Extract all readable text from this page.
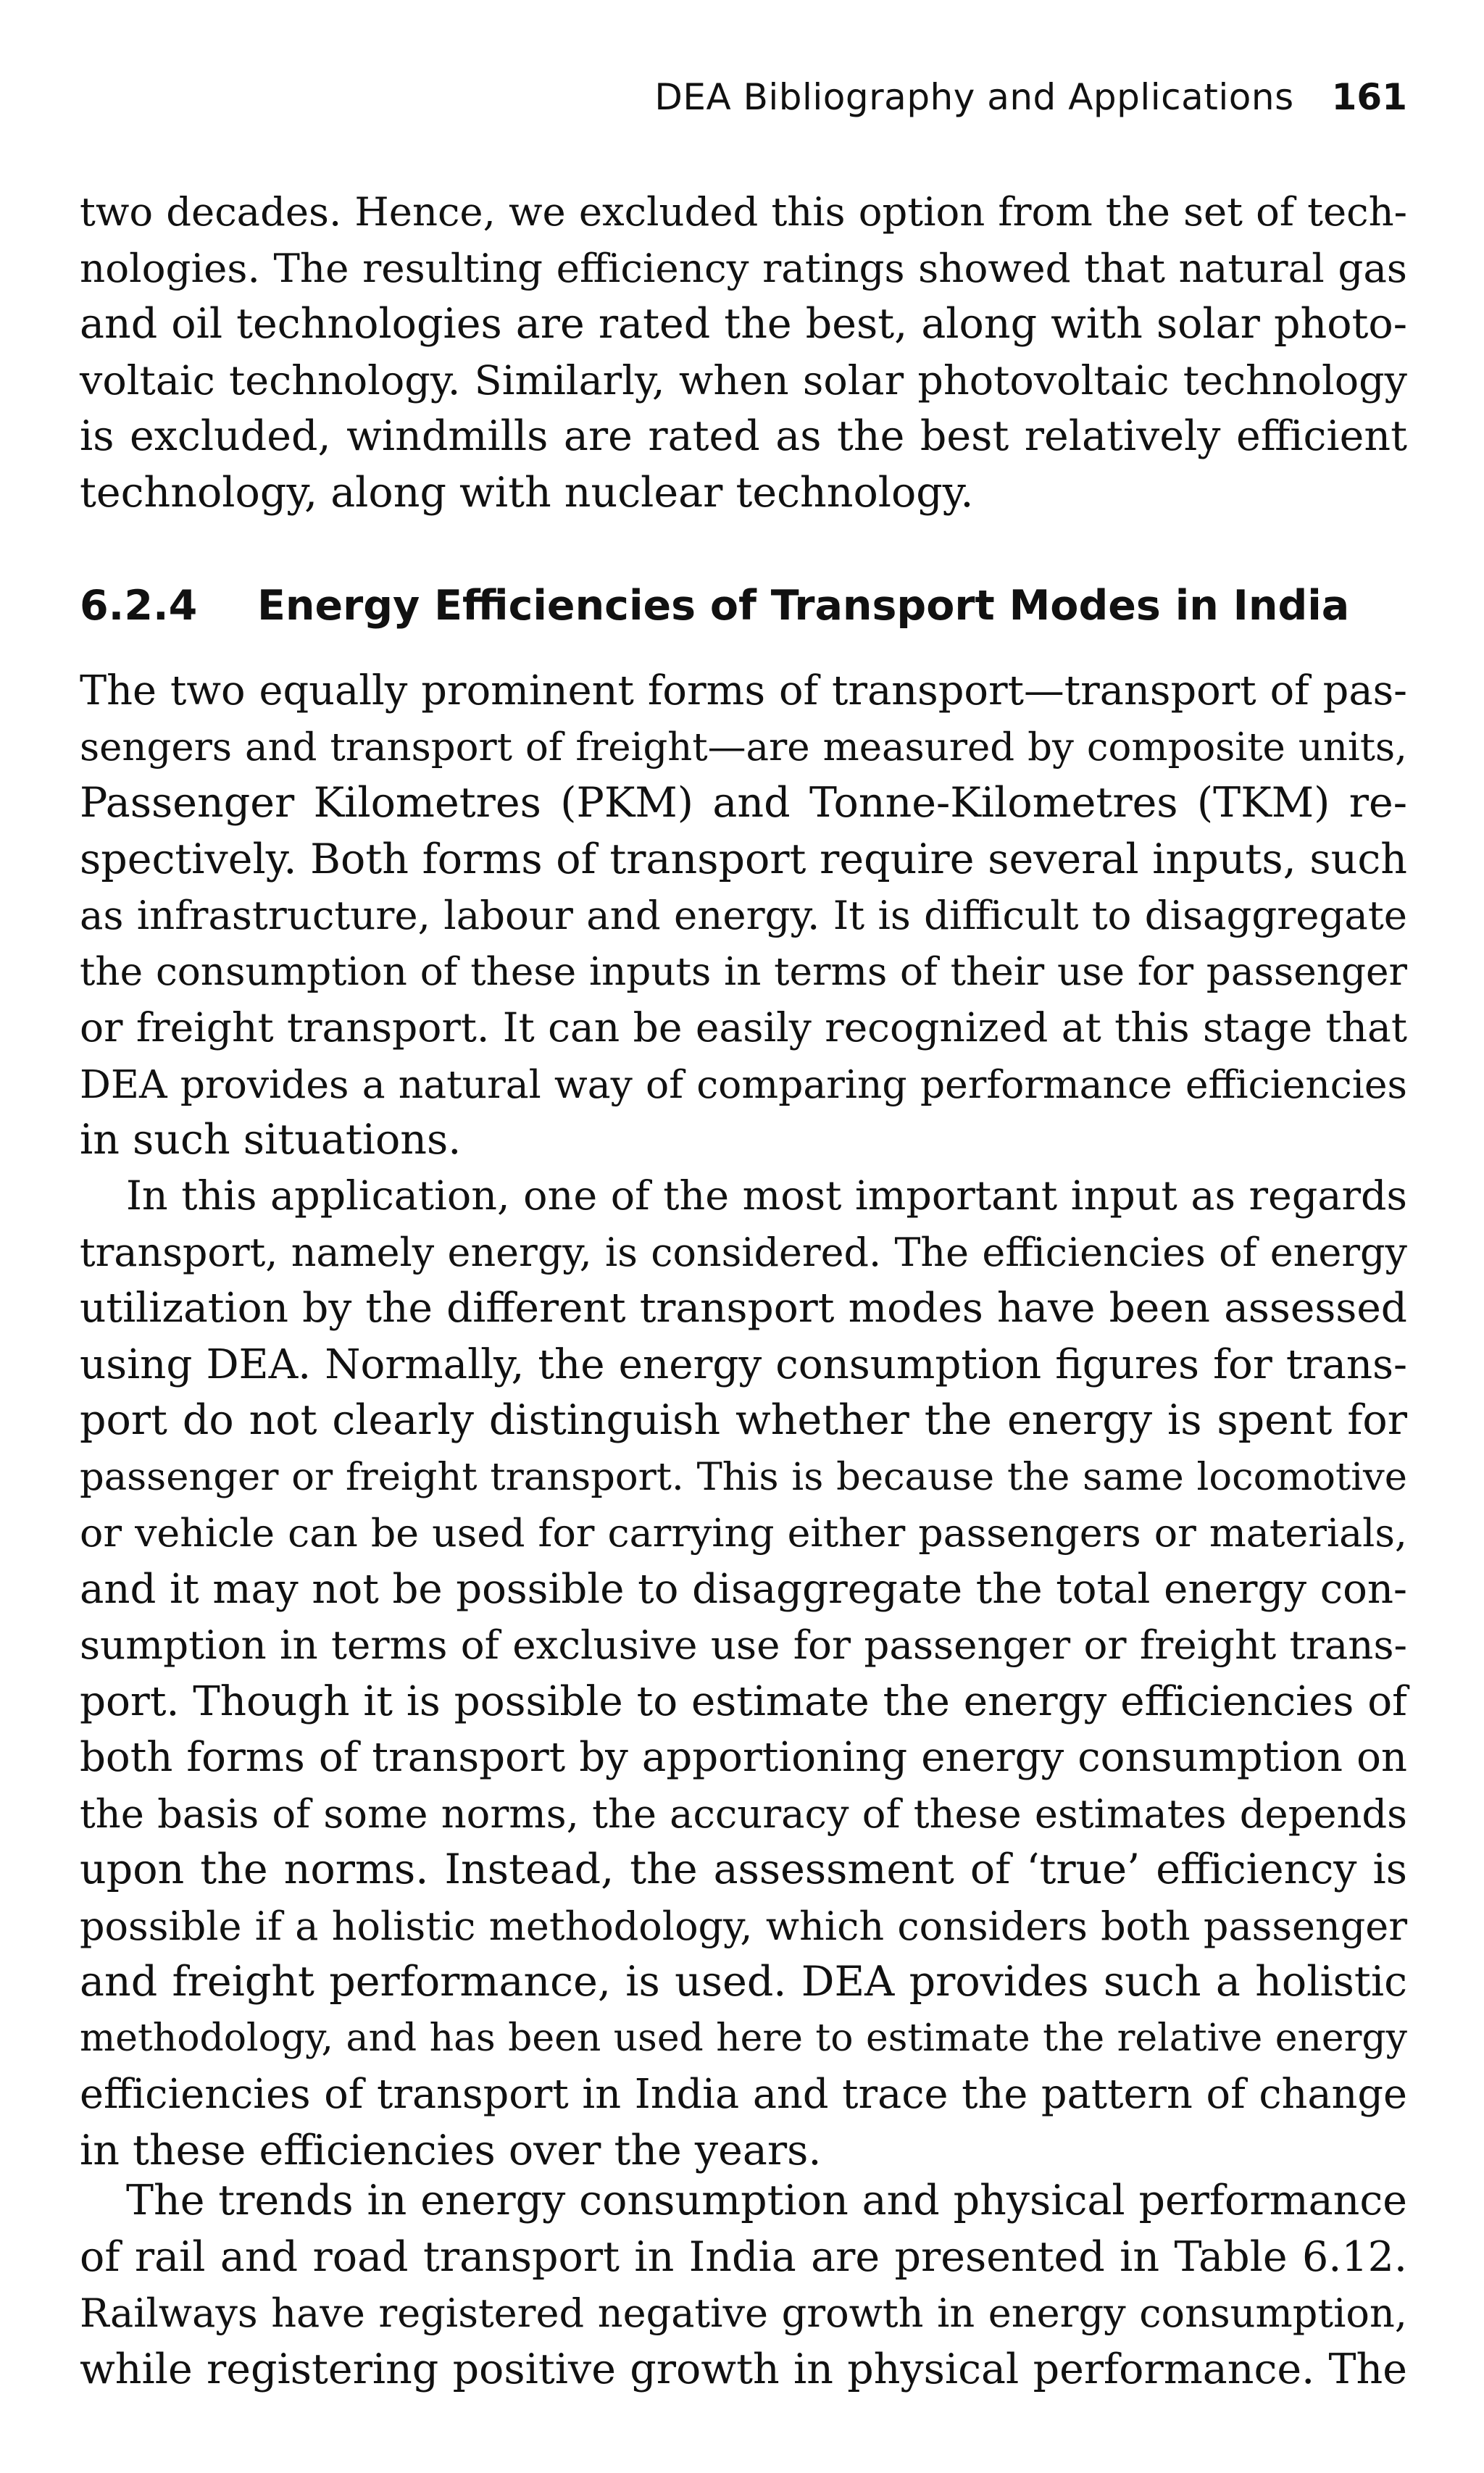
DEA Bibliography and Applications 161
two decades. Hence, we excluded this option from the set of tech-
nologies. The resulting efficiency ratings showed that natural gas
and oil technologies are rated the best, along with solar photo-
voltaic technology. Similarly, when solar photovoltaic technology
is excluded, windmills are rated as the best relatively efficient
technology, along with nuclear technology.
6.2.4 Energy Efficiencies of Transport Modes in India
The two equally prominent forms of transport—transport of pas-
sengers and transport of freight—are measured by composite units,
Passenger Kilometres (PKM) and Tonne-Kilometres (TKM) re-
spectively. Both forms of transport require several inputs, such
as infrastructure, labour and energy. It is difficult to disaggregate
the consumption of these inputs in terms of their use for passenger
or freight transport. It can be easily recognized at this stage that
DEA provides a natural way of comparing performance efficiencies
in such situations.
In this application, one of the most important input as regards
transport, namely energy, is considered. The efficiencies of energy
utilization by the different transport modes have been assessed
using DEA. Normally, the energy consumption figures for trans-
port do not clearly distinguish whether the energy is spent for
passenger or freight transport. This is because the same locomotive
or vehicle can be used for carrying either passengers or materials,
and it may not be possible to disaggregate the total energy con-
sumption in terms of exclusive use for passenger or freight trans-
port. Though it is possible to estimate the energy efficiencies of
both forms of transport by apportioning energy consumption on
the basis of some norms, the accuracy of these estimates depends
upon the norms. Instead, the assessment of ‘true’ efficiency is
possible if a holistic methodology, which considers both passenger
and freight performance, is used. DEA provides such a holistic
methodology, and has been used here to estimate the relative energy
efficiencies of transport in India and trace the pattern of change
in these efficiencies over the years.
The trends in energy consumption and physical performance
of rail and road transport in India are presented in Table 6.12.
Railways have registered negative growth in energy consumption,
while registering positive growth in physical performance. The
